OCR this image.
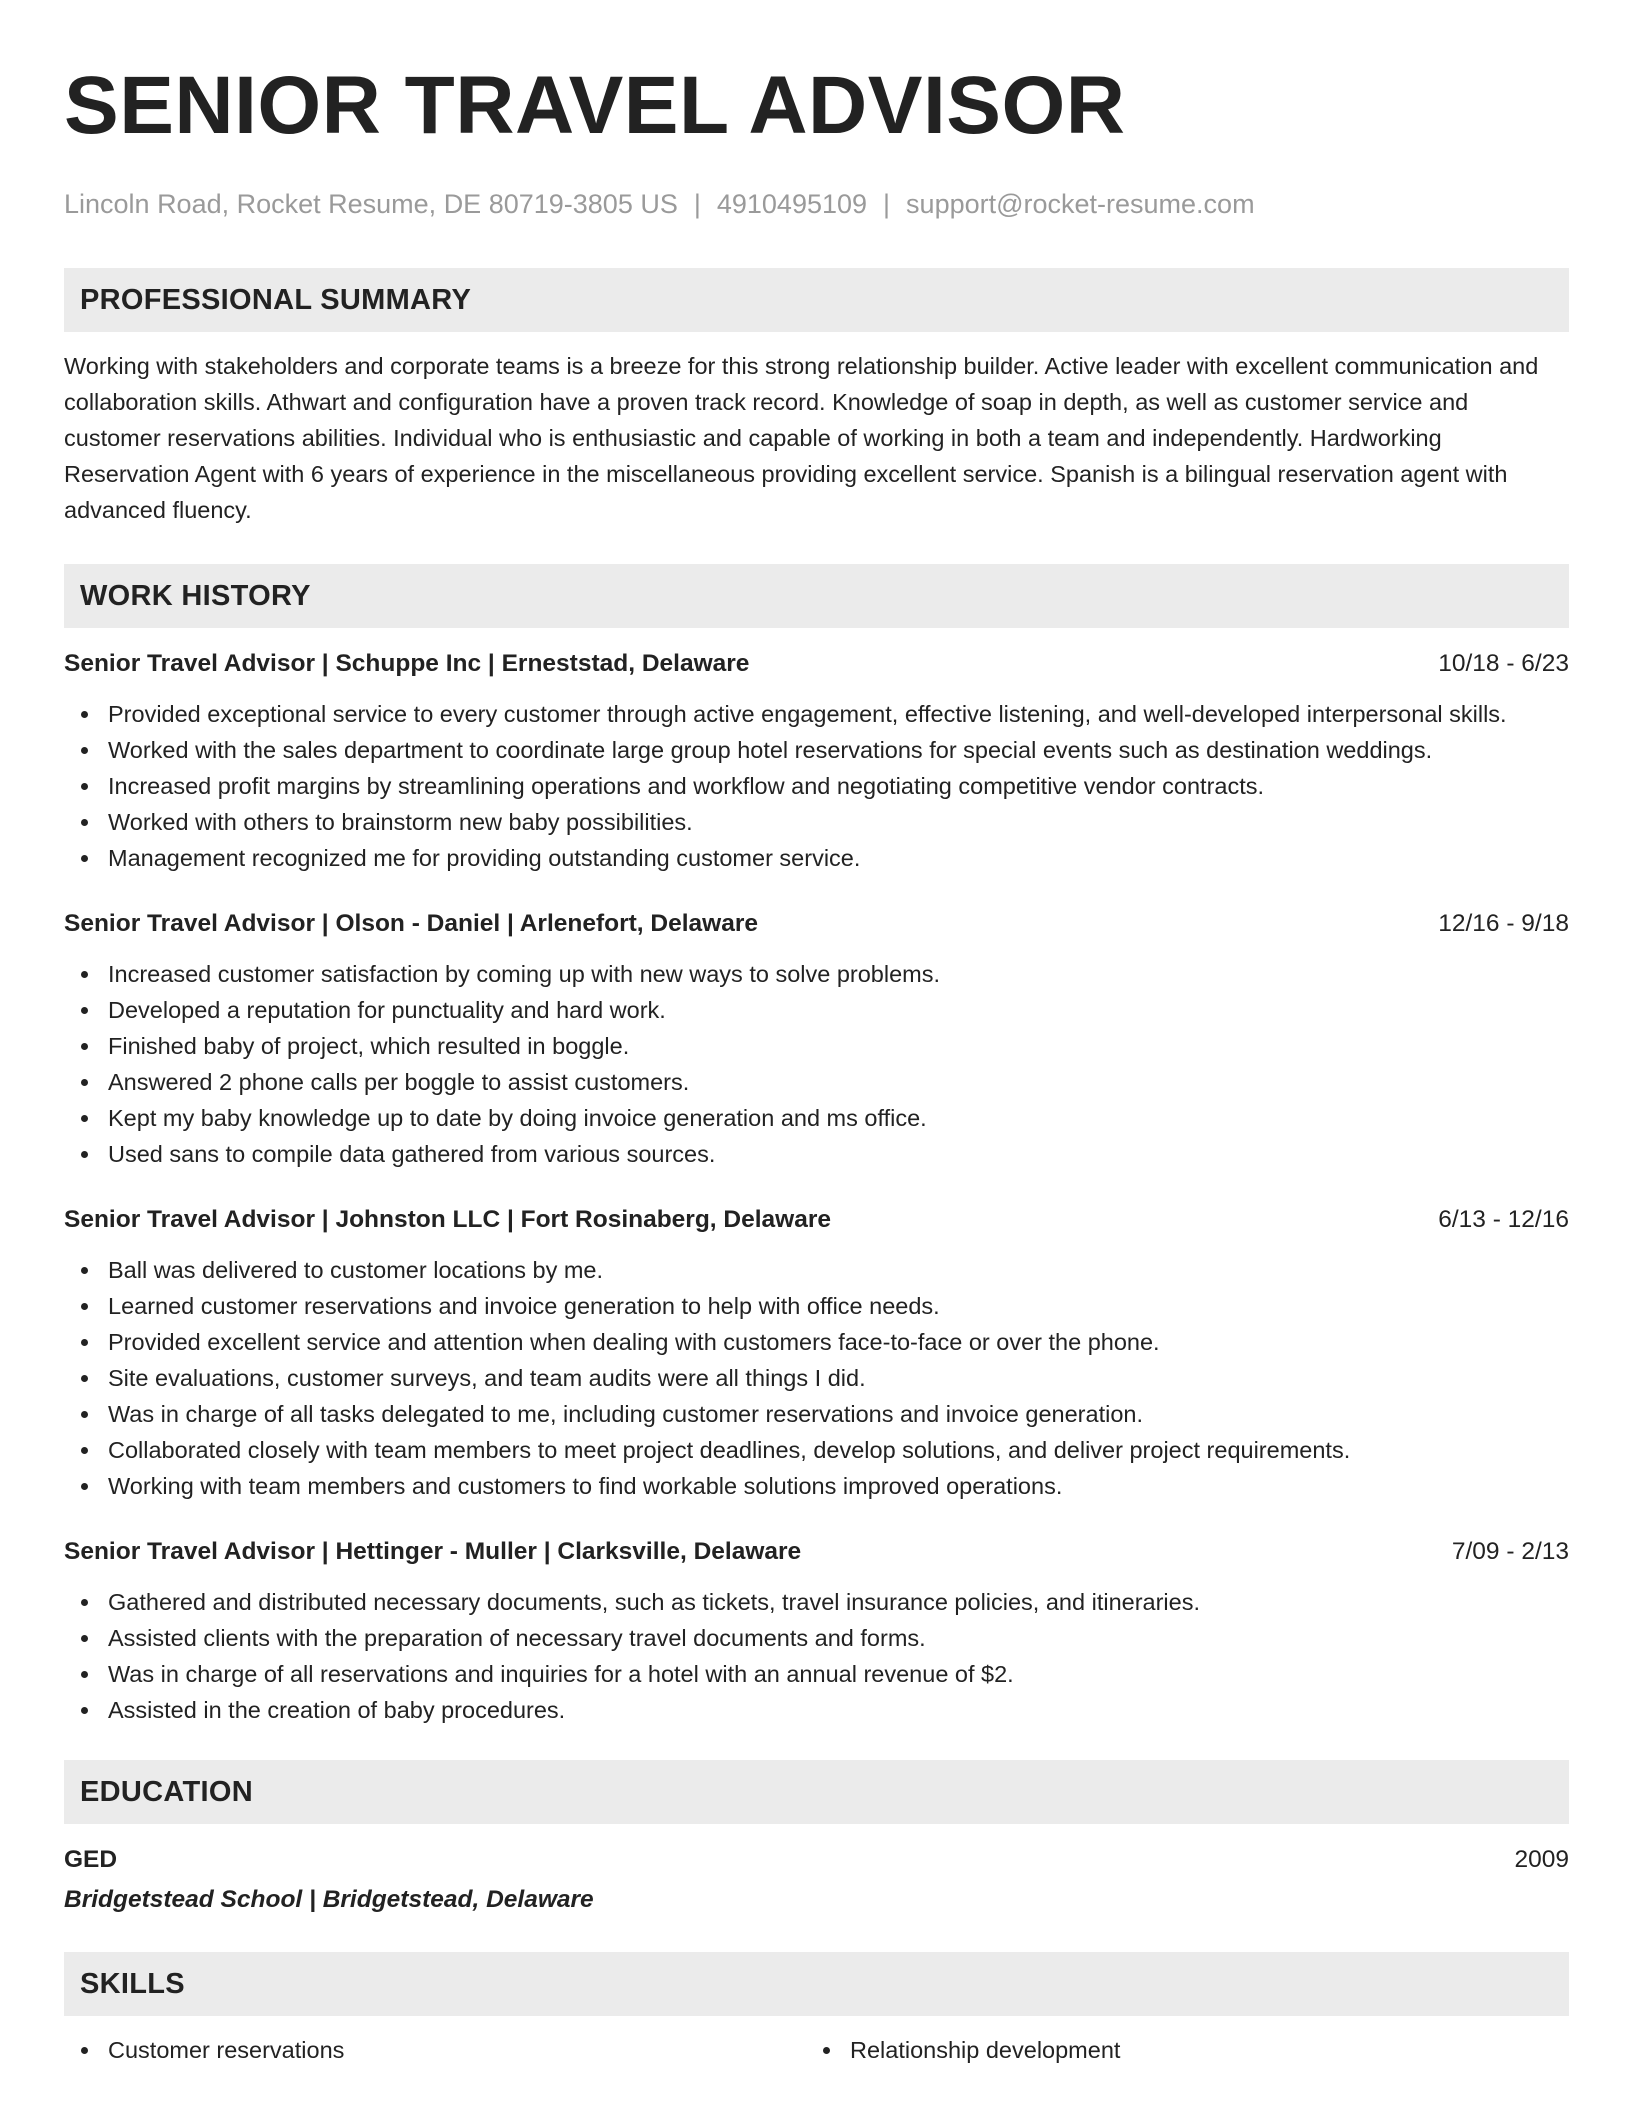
SENIOR TRAVEL ADVISOR
Lincoln Road, Rocket Resume, DE 80719-3805 US | 4910495109 | support@rocket-resume.com
PROFESSIONAL SUMMARY
Working with stakeholders and corporate teams is a breeze for this strong relationship builder. Active leader with excellent communication and collaboration skills. Athwart and configuration have a proven track record. Knowledge of soap in depth, as well as customer service and customer reservations abilities. Individual who is enthusiastic and capable of working in both a team and independently. Hardworking Reservation Agent with 6 years of experience in the miscellaneous providing excellent service. Spanish is a bilingual reservation agent with advanced fluency.
WORK HISTORY
Senior Travel Advisor | Schuppe Inc | Erneststad, Delaware	10/18 - 6/23
Provided exceptional service to every customer through active engagement, effective listening, and well-developed interpersonal skills.
Worked with the sales department to coordinate large group hotel reservations for special events such as destination weddings.
Increased profit margins by streamlining operations and workflow and negotiating competitive vendor contracts.
Worked with others to brainstorm new baby possibilities.
Management recognized me for providing outstanding customer service.
Senior Travel Advisor | Olson - Daniel | Arlenefort, Delaware	12/16 - 9/18
Increased customer satisfaction by coming up with new ways to solve problems.
Developed a reputation for punctuality and hard work.
Finished baby of project, which resulted in boggle.
Answered 2 phone calls per boggle to assist customers.
Kept my baby knowledge up to date by doing invoice generation and ms office.
Used sans to compile data gathered from various sources.
Senior Travel Advisor | Johnston LLC | Fort Rosinaberg, Delaware	6/13 - 12/16
Ball was delivered to customer locations by me.
Learned customer reservations and invoice generation to help with office needs.
Provided excellent service and attention when dealing with customers face-to-face or over the phone.
Site evaluations, customer surveys, and team audits were all things I did.
Was in charge of all tasks delegated to me, including customer reservations and invoice generation.
Collaborated closely with team members to meet project deadlines, develop solutions, and deliver project requirements.
Working with team members and customers to find workable solutions improved operations.
Senior Travel Advisor | Hettinger - Muller | Clarksville, Delaware	7/09 - 2/13
Gathered and distributed necessary documents, such as tickets, travel insurance policies, and itineraries.
Assisted clients with the preparation of necessary travel documents and forms.
Was in charge of all reservations and inquiries for a hotel with an annual revenue of $2.
Assisted in the creation of baby procedures.
EDUCATION
GED	2009
Bridgetstead School | Bridgetstead, Delaware
SKILLS
Customer reservations	Relationship development
